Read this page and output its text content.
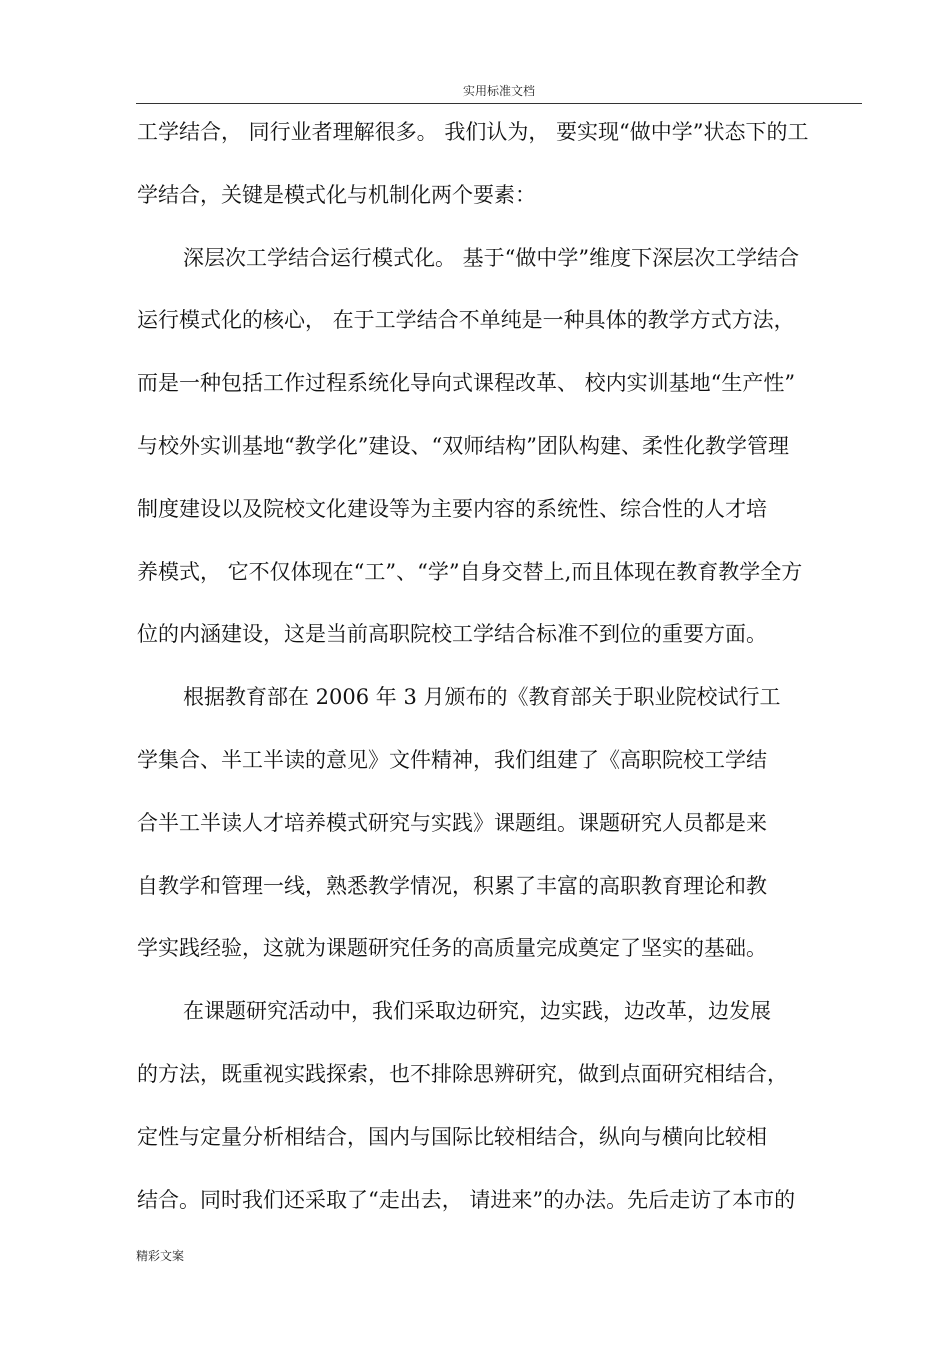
实用标准文档
工学结合， 同行业者理解很多。 我们认为， 要实现“做中学”状态下的工
学结合，关键是模式化与机制化两个要素：
深层次工学结合运行模式化。 基于“做中学”维度下深层次工学结合
运行模式化的核心， 在于工学结合不单纯是一种具体的教学方式方法，
而是一种包括工作过程系统化导向式课程改革、 校内实训基地“生产性”
与校外实训基地“教学化”建设、“双师结构”团队构建、柔性化教学管理
制度建设以及院校文化建设等为主要内容的系统性、综合性的人才培
养模式， 它不仅体现在“工”、“学”自身交替上,而且体现在教育教学全方
位的内涵建设，这是当前高职院校工学结合标准不到位的重要方面。
根据教育部在 2006 年 3 月颁布的《教育部关于职业院校试行工
学集合、半工半读的意见》文件精神，我们组建了《高职院校工学结
合半工半读人才培养模式研究与实践》课题组。课题研究人员都是来
自教学和管理一线，熟悉教学情况，积累了丰富的高职教育理论和教
学实践经验，这就为课题研究任务的高质量完成奠定了坚实的基础。
在课题研究活动中，我们采取边研究，边实践，边改革，边发展
的方法，既重视实践探索，也不排除思辨研究，做到点面研究相结合，
定性与定量分析相结合，国内与国际比较相结合，纵向与横向比较相
结合。同时我们还采取了“走出去， 请进来”的办法。先后走访了本市的
精彩文案
